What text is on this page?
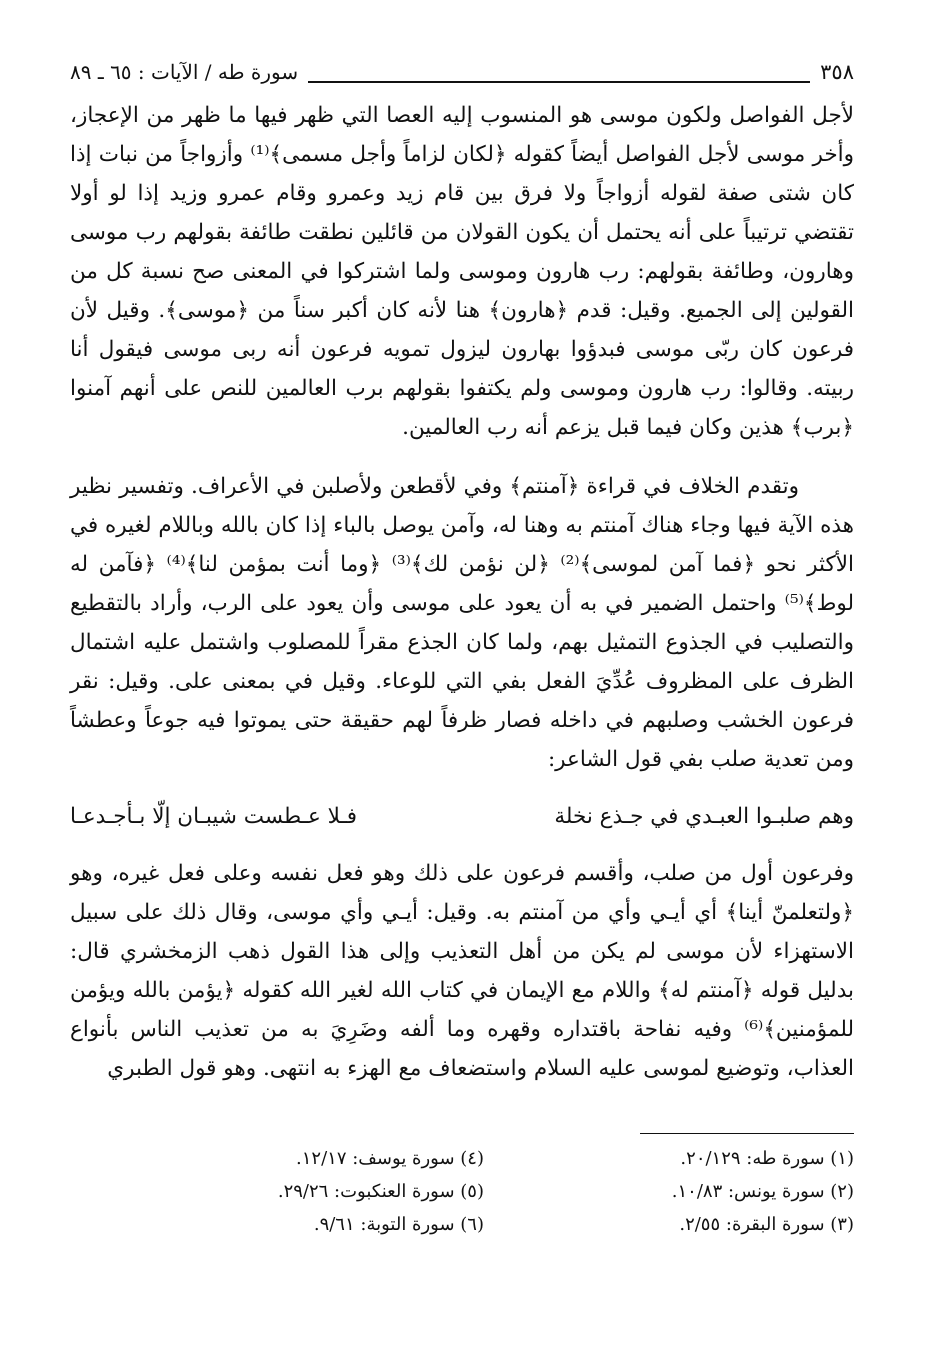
٣٥٨
سورة طه / الآيات : ٦٥ ـ ٨٩

لأجل الفواصل ولكون موسى هو المنسوب إليه العصا التي ظهر فيها ما ظهر من الإعجاز، وأخر موسى لأجل الفواصل أيضاً كقوله ﴿لكان لزاماً وأجل مسمى﴾⁽¹⁾ وأزواجاً من نبات إذا كان شتى صفة لقوله أزواجاً ولا فرق بين قام زيد وعمرو وقام عمرو وزيد إذا لو أولا تقتضي ترتيباً على أنه يحتمل أن يكون القولان من قائلين نطقت طائفة بقولهم رب موسى وهارون، وطائفة بقولهم: رب هارون وموسى ولما اشتركوا في المعنى صح نسبة كل من القولين إلى الجميع. وقيل: قدم ﴿هارون﴾ هنا لأنه كان أكبر سناً من ﴿موسى﴾. وقيل لأن فرعون كان ربّى موسى فبدؤوا بهارون ليزول تمويه فرعون أنه ربى موسى فيقول أنا ربيته. وقالوا: رب هارون وموسى ولم يكتفوا بقولهم برب العالمين للنص على أنهم آمنوا ﴿برب﴾ هذين وكان فيما قبل يزعم أنه رب العالمين.

وتقدم الخلاف في قراءة ﴿آمنتم﴾ وفي لأقطعن ولأصلبن في الأعراف. وتفسير نظير هذه الآية فيها وجاء هناك آمنتم به وهنا له، وآمن يوصل بالباء إذا كان بالله وباللام لغيره في الأكثر نحو ﴿فما آمن لموسى﴾⁽²⁾ ﴿لن نؤمن لك﴾⁽³⁾ ﴿وما أنت بمؤمن لنا﴾⁽⁴⁾ ﴿فآمن له لوط﴾⁽⁵⁾ واحتمل الضمير في به أن يعود على موسى وأن يعود على الرب، وأراد بالتقطيع والتصليب في الجذوع التمثيل بهم، ولما كان الجذع مقراً للمصلوب واشتمل عليه اشتمال الظرف على المظروف عُدِّيَ الفعل بفي التي للوعاء. وقيل في بمعنى على. وقيل: نقر فرعون الخشب وصلبهم في داخله فصار ظرفاً لهم حقيقة حتى يموتوا فيه جوعاً وعطشاً ومن تعدية صلب بفي قول الشاعر:

وهم صلبـوا العبـدي في جـذع نخلة
فـلا عـطست شيبـان إلّا بـأجـدعـا

وفرعون أول من صلب، وأقسم فرعون على ذلك وهو فعل نفسه وعلى فعل غيره، وهو ﴿ولتعلمنّ أينا﴾ أي أيـي وأي من آمنتم به. وقيل: أيـي وأي موسى، وقال ذلك على سبيل الاستهزاء لأن موسى لم يكن من أهل التعذيب وإلى هذا القول ذهب الزمخشري قال: بدليل قوله ﴿آمنتم له﴾ واللام مع الإيمان في كتاب الله لغير الله كقوله ﴿يؤمن بالله ويؤمن للمؤمنين﴾⁽⁶⁾ وفيه نفاحة باقتداره وقهره وما ألفه وضَرِيَ به من تعذيب الناس بأنواع العذاب، وتوضيع لموسى عليه السلام واستضعاف مع الهزء به انتهى. وهو قول الطبري

(١) سورة طه: ٢٠/١٢٩.
(٢) سورة يونس: ١٠/٨٣.
(٣) سورة البقرة: ٢/٥٥.
(٤) سورة يوسف: ١٢/١٧.
(٥) سورة العنكبوت: ٢٩/٢٦.
(٦) سورة التوبة: ٩/٦١.
